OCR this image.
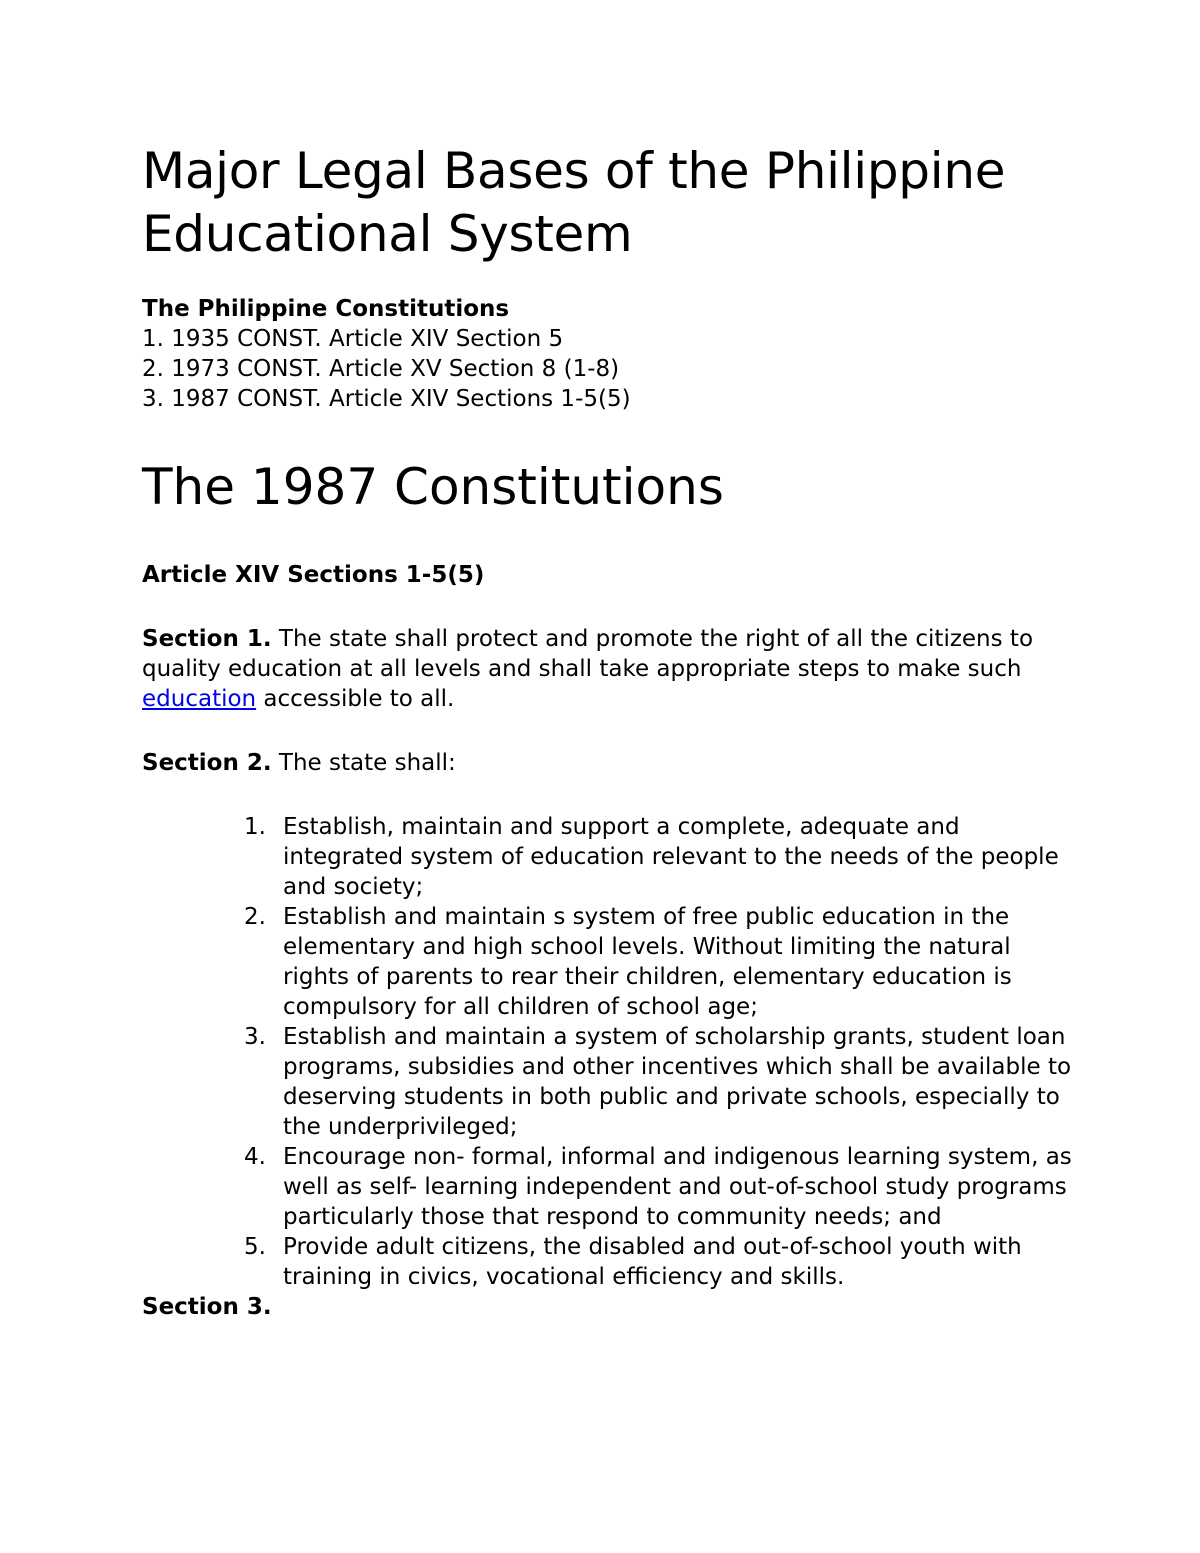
Major Legal Bases of the Philippine Educational System
The Philippine Constitutions
1. 1935 CONST. Article XIV Section 5
2. 1973 CONST. Article XV Section 8 (1-8)
3. 1987 CONST. Article XIV Sections 1-5(5)
The 1987 Constitutions
Article XIV Sections 1-5(5)

Section 1. The state shall protect and promote the right of all the citizens to quality education at all levels and shall take appropriate steps to make such education accessible to all.

Section 2. The state shall:

1. Establish, maintain and support a complete, adequate and integrated system of education relevant to the needs of the people and society;
2. Establish and maintain s system of free public education in the elementary and high school levels. Without limiting the natural rights of parents to rear their children, elementary education is compulsory for all children of school age;
3. Establish and maintain a system of scholarship grants, student loan programs, subsidies and other incentives which shall be available to deserving students in both public and private schools, especially to the underprivileged;
4. Encourage non- formal, informal and indigenous learning system, as well as self- learning independent and out-of-school study programs particularly those that respond to community needs; and
5. Provide adult citizens, the disabled and out-of-school youth with training in civics, vocational efficiency and skills.
Section 3.
